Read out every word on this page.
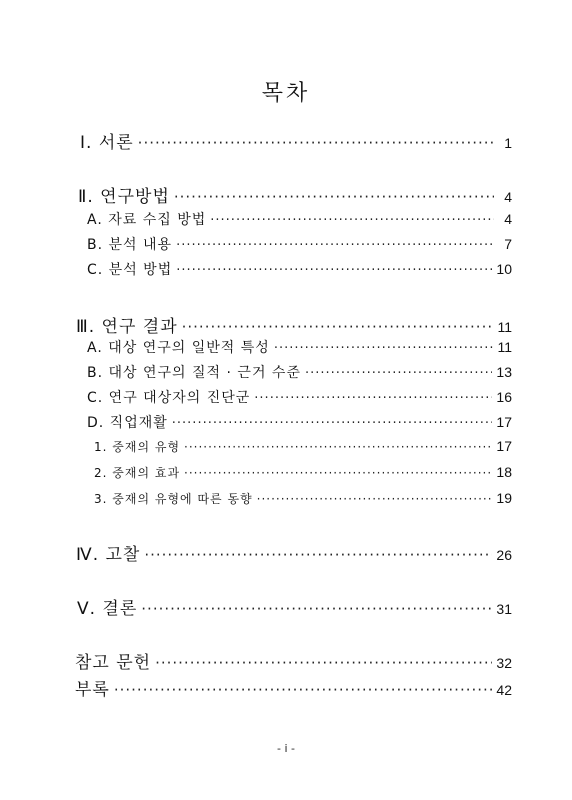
목차
Ⅰ. 서론 ·····	1
Ⅱ. 연구방법 ·····	4
A. 자료 수집 방법 ·····	4
B. 분석 내용 ·····	7
C. 분석 방법 ·····	10
Ⅲ. 연구 결과 ·····	11
A. 대상 연구의 일반적 특성 ·····	11
B. 대상 연구의 질적 · 근거 수준 ·····	13
C. 연구 대상자의 진단군 ·····	16
D. 직업재활 ·····	17
1. 중재의 유형 ·····	17
2. 중재의 효과 ·····	18
3. 중재의 유형에 따른 동향 ·····	19
Ⅳ. 고찰 ·····	26
Ⅴ. 결론 ·····	31
참고 문헌 ·····	32
부록 ·····	42
- i -
